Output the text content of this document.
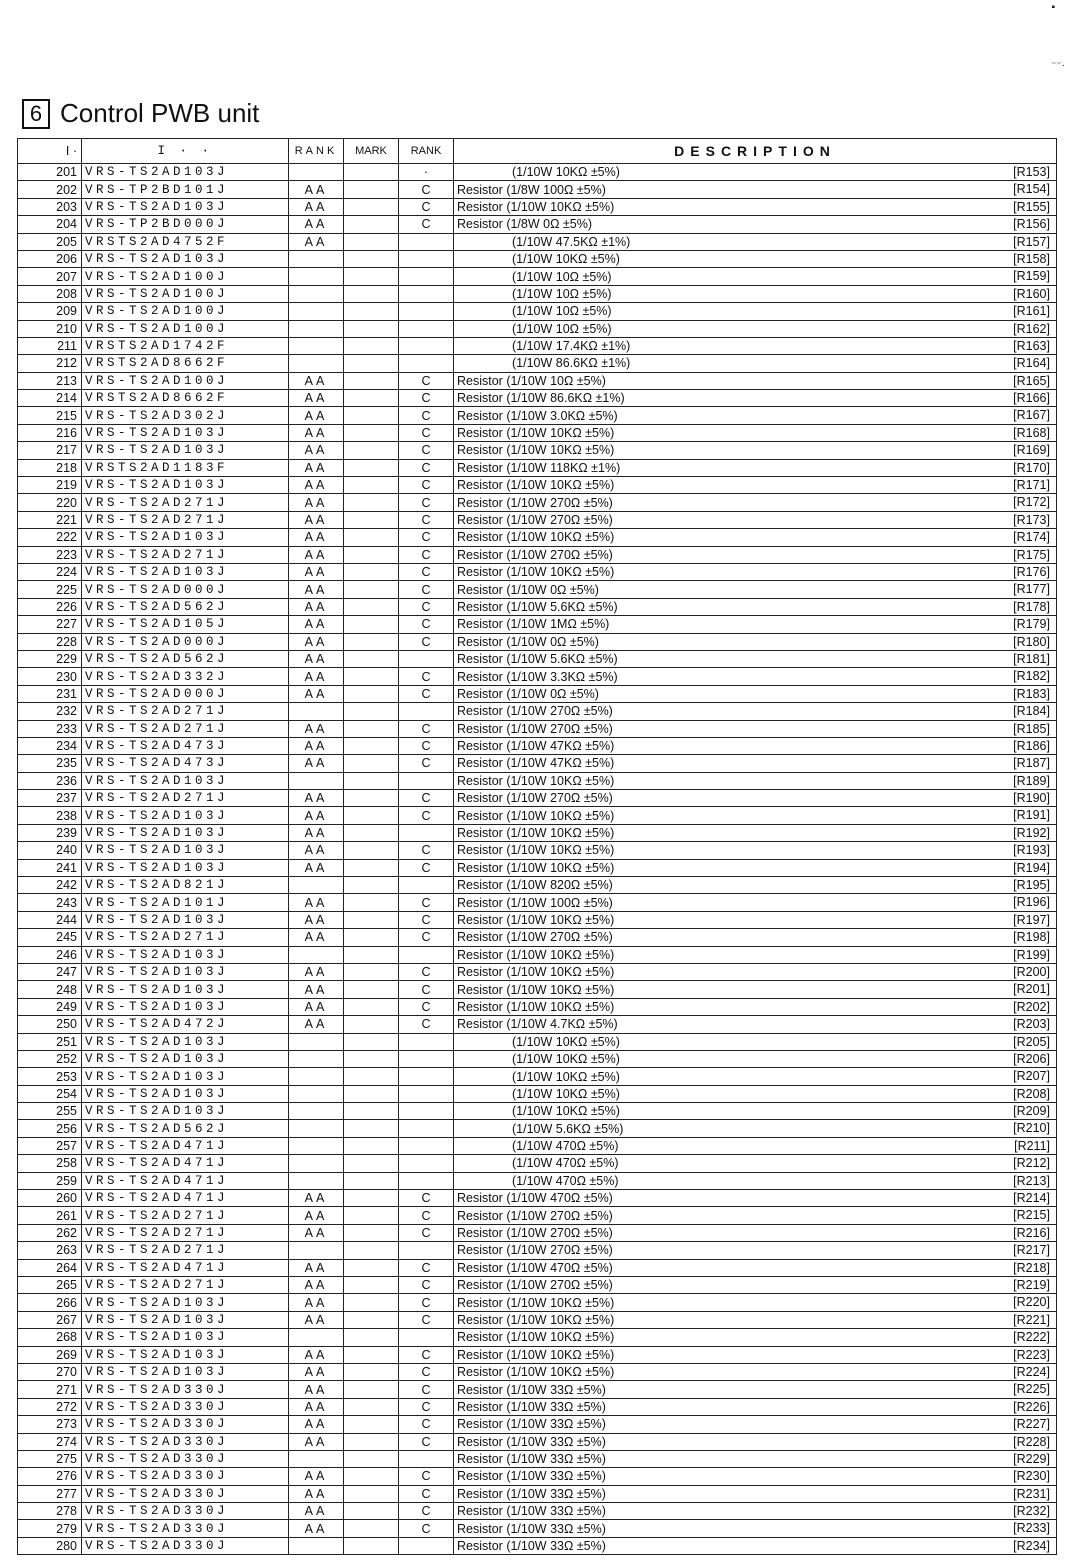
▪
⁻⁻·
6 Control PWB unit
I ·	I · ·	RANK	MARK	RANK	DESCRIPTION
201	VRS-TS2AD103J			·	(1/10W 10KΩ ±5%) [R153]

202	VRS-TP2BD101J	AA		C	Resistor (1/8W 100Ω ±5%) [R154]

203	VRS-TS2AD103J	AA		C	Resistor (1/10W 10KΩ ±5%) [R155]

204	VRS-TP2BD000J	AA		C	Resistor (1/8W 0Ω ±5%) [R156]

205	VRSTS2AD4752F	AA			(1/10W 47.5KΩ ±1%) [R157]

206	VRS-TS2AD103J				(1/10W 10KΩ ±5%) [R158]

207	VRS-TS2AD100J				(1/10W 10Ω ±5%) [R159]

208	VRS-TS2AD100J				(1/10W 10Ω ±5%) [R160]

209	VRS-TS2AD100J				(1/10W 10Ω ±5%) [R161]

210	VRS-TS2AD100J				(1/10W 10Ω ±5%) [R162]

211	VRSTS2AD1742F				(1/10W 17.4KΩ ±1%) [R163]

212	VRSTS2AD8662F				(1/10W 86.6KΩ ±1%) [R164]

213	VRS-TS2AD100J	AA		C	Resistor (1/10W 10Ω ±5%) [R165]

214	VRSTS2AD8662F	AA		C	Resistor (1/10W 86.6KΩ ±1%) [R166]

215	VRS-TS2AD302J	AA		C	Resistor (1/10W 3.0KΩ ±5%) [R167]

216	VRS-TS2AD103J	AA		C	Resistor (1/10W 10KΩ ±5%) [R168]

217	VRS-TS2AD103J	AA		C	Resistor (1/10W 10KΩ ±5%) [R169]

218	VRSTS2AD1183F	AA		C	Resistor (1/10W 118KΩ ±1%) [R170]

219	VRS-TS2AD103J	AA		C	Resistor (1/10W 10KΩ ±5%) [R171]

220	VRS-TS2AD271J	AA		C	Resistor (1/10W 270Ω ±5%) [R172]

221	VRS-TS2AD271J	AA		C	Resistor (1/10W 270Ω ±5%) [R173]

222	VRS-TS2AD103J	AA		C	Resistor (1/10W 10KΩ ±5%) [R174]

223	VRS-TS2AD271J	AA		C	Resistor (1/10W 270Ω ±5%) [R175]

224	VRS-TS2AD103J	AA		C	Resistor (1/10W 10KΩ ±5%) [R176]

225	VRS-TS2AD000J	AA		C	Resistor (1/10W 0Ω ±5%) [R177]

226	VRS-TS2AD562J	AA		C	Resistor (1/10W 5.6KΩ ±5%) [R178]

227	VRS-TS2AD105J	AA		C	Resistor (1/10W 1MΩ ±5%) [R179]

228	VRS-TS2AD000J	AA		C	Resistor (1/10W 0Ω ±5%) [R180]

229	VRS-TS2AD562J	AA			Resistor (1/10W 5.6KΩ ±5%) [R181]

230	VRS-TS2AD332J	AA		C	Resistor (1/10W 3.3KΩ ±5%) [R182]

231	VRS-TS2AD000J	AA		C	Resistor (1/10W 0Ω ±5%) [R183]

232	VRS-TS2AD271J				Resistor (1/10W 270Ω ±5%) [R184]

233	VRS-TS2AD271J	AA		C	Resistor (1/10W 270Ω ±5%) [R185]

234	VRS-TS2AD473J	AA		C	Resistor (1/10W 47KΩ ±5%) [R186]

235	VRS-TS2AD473J	AA		C	Resistor (1/10W 47KΩ ±5%) [R187]

236	VRS-TS2AD103J				Resistor (1/10W 10KΩ ±5%) [R189]

237	VRS-TS2AD271J	AA		C	Resistor (1/10W 270Ω ±5%) [R190]

238	VRS-TS2AD103J	AA		C	Resistor (1/10W 10KΩ ±5%) [R191]

239	VRS-TS2AD103J	AA			Resistor (1/10W 10KΩ ±5%) [R192]

240	VRS-TS2AD103J	AA		C	Resistor (1/10W 10KΩ ±5%) [R193]

241	VRS-TS2AD103J	AA		C	Resistor (1/10W 10KΩ ±5%) [R194]

242	VRS-TS2AD821J				Resistor (1/10W 820Ω ±5%) [R195]

243	VRS-TS2AD101J	AA		C	Resistor (1/10W 100Ω ±5%) [R196]

244	VRS-TS2AD103J	AA		C	Resistor (1/10W 10KΩ ±5%) [R197]

245	VRS-TS2AD271J	AA		C	Resistor (1/10W 270Ω ±5%) [R198]

246	VRS-TS2AD103J				Resistor (1/10W 10KΩ ±5%) [R199]

247	VRS-TS2AD103J	AA		C	Resistor (1/10W 10KΩ ±5%) [R200]

248	VRS-TS2AD103J	AA		C	Resistor (1/10W 10KΩ ±5%) [R201]

249	VRS-TS2AD103J	AA		C	Resistor (1/10W 10KΩ ±5%) [R202]

250	VRS-TS2AD472J	AA		C	Resistor (1/10W 4.7KΩ ±5%) [R203]

251	VRS-TS2AD103J				(1/10W 10KΩ ±5%) [R205]

252	VRS-TS2AD103J				(1/10W 10KΩ ±5%) [R206]

253	VRS-TS2AD103J				(1/10W 10KΩ ±5%) [R207]

254	VRS-TS2AD103J				(1/10W 10KΩ ±5%) [R208]

255	VRS-TS2AD103J				(1/10W 10KΩ ±5%) [R209]

256	VRS-TS2AD562J				(1/10W 5.6KΩ ±5%) [R210]

257	VRS-TS2AD471J				(1/10W 470Ω ±5%) [R211]

258	VRS-TS2AD471J				(1/10W 470Ω ±5%) [R212]

259	VRS-TS2AD471J				(1/10W 470Ω ±5%) [R213]

260	VRS-TS2AD471J	AA		C	Resistor (1/10W 470Ω ±5%) [R214]

261	VRS-TS2AD271J	AA		C	Resistor (1/10W 270Ω ±5%) [R215]

262	VRS-TS2AD271J	AA		C	Resistor (1/10W 270Ω ±5%) [R216]

263	VRS-TS2AD271J				Resistor (1/10W 270Ω ±5%) [R217]

264	VRS-TS2AD471J	AA		C	Resistor (1/10W 470Ω ±5%) [R218]

265	VRS-TS2AD271J	AA		C	Resistor (1/10W 270Ω ±5%) [R219]

266	VRS-TS2AD103J	AA		C	Resistor (1/10W 10KΩ ±5%) [R220]

267	VRS-TS2AD103J	AA		C	Resistor (1/10W 10KΩ ±5%) [R221]

268	VRS-TS2AD103J				Resistor (1/10W 10KΩ ±5%) [R222]

269	VRS-TS2AD103J	AA		C	Resistor (1/10W 10KΩ ±5%) [R223]

270	VRS-TS2AD103J	AA		C	Resistor (1/10W 10KΩ ±5%) [R224]

271	VRS-TS2AD330J	AA		C	Resistor (1/10W 33Ω ±5%) [R225]

272	VRS-TS2AD330J	AA		C	Resistor (1/10W 33Ω ±5%) [R226]

273	VRS-TS2AD330J	AA		C	Resistor (1/10W 33Ω ±5%) [R227]

274	VRS-TS2AD330J	AA		C	Resistor (1/10W 33Ω ±5%) [R228]

275	VRS-TS2AD330J				Resistor (1/10W 33Ω ±5%) [R229]

276	VRS-TS2AD330J	AA		C	Resistor (1/10W 33Ω ±5%) [R230]

277	VRS-TS2AD330J	AA		C	Resistor (1/10W 33Ω ±5%) [R231]

278	VRS-TS2AD330J	AA		C	Resistor (1/10W 33Ω ±5%) [R232]

279	VRS-TS2AD330J	AA		C	Resistor (1/10W 33Ω ±5%) [R233]

280	VRS-TS2AD330J				Resistor (1/10W 33Ω ±5%) [R234]
